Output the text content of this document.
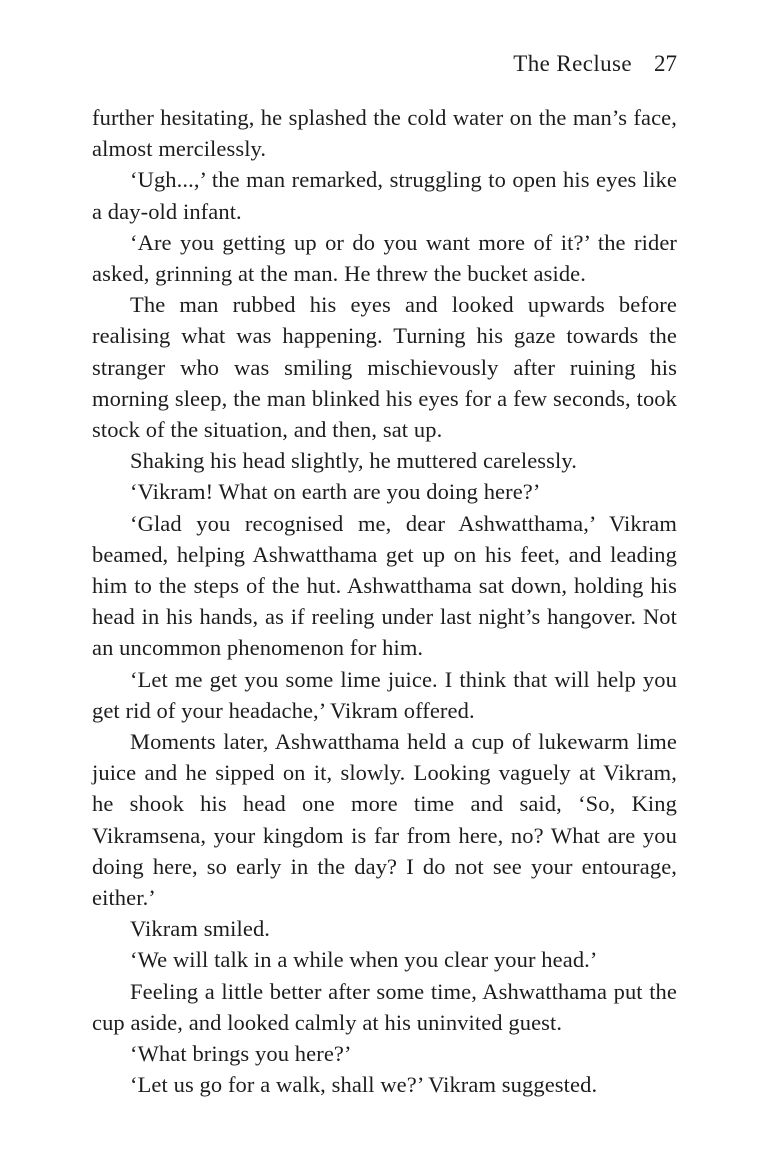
The Recluse 27

further hesitating, he splashed the cold water on the man’s face, almost mercilessly.

‘Ugh...,’ the man remarked, struggling to open his eyes like a day-old infant.

‘Are you getting up or do you want more of it?’ the rider asked, grinning at the man. He threw the bucket aside.

The man rubbed his eyes and looked upwards before realising what was happening. Turning his gaze towards the stranger who was smiling mischievously after ruining his morning sleep, the man blinked his eyes for a few seconds, took stock of the situation, and then, sat up.

Shaking his head slightly, he muttered carelessly.

‘Vikram! What on earth are you doing here?’

‘Glad you recognised me, dear Ashwatthama,’ Vikram beamed, helping Ashwatthama get up on his feet, and leading him to the steps of the hut. Ashwatthama sat down, holding his head in his hands, as if reeling under last night’s hangover. Not an uncommon phenomenon for him.

‘Let me get you some lime juice. I think that will help you get rid of your headache,’ Vikram offered.

Moments later, Ashwatthama held a cup of lukewarm lime juice and he sipped on it, slowly. Looking vaguely at Vikram, he shook his head one more time and said, ‘So, King Vikramsena, your kingdom is far from here, no? What are you doing here, so early in the day? I do not see your entourage, either.’

Vikram smiled.

‘We will talk in a while when you clear your head.’

Feeling a little better after some time, Ashwatthama put the cup aside, and looked calmly at his uninvited guest.

‘What brings you here?’

‘Let us go for a walk, shall we?’ Vikram suggested.
